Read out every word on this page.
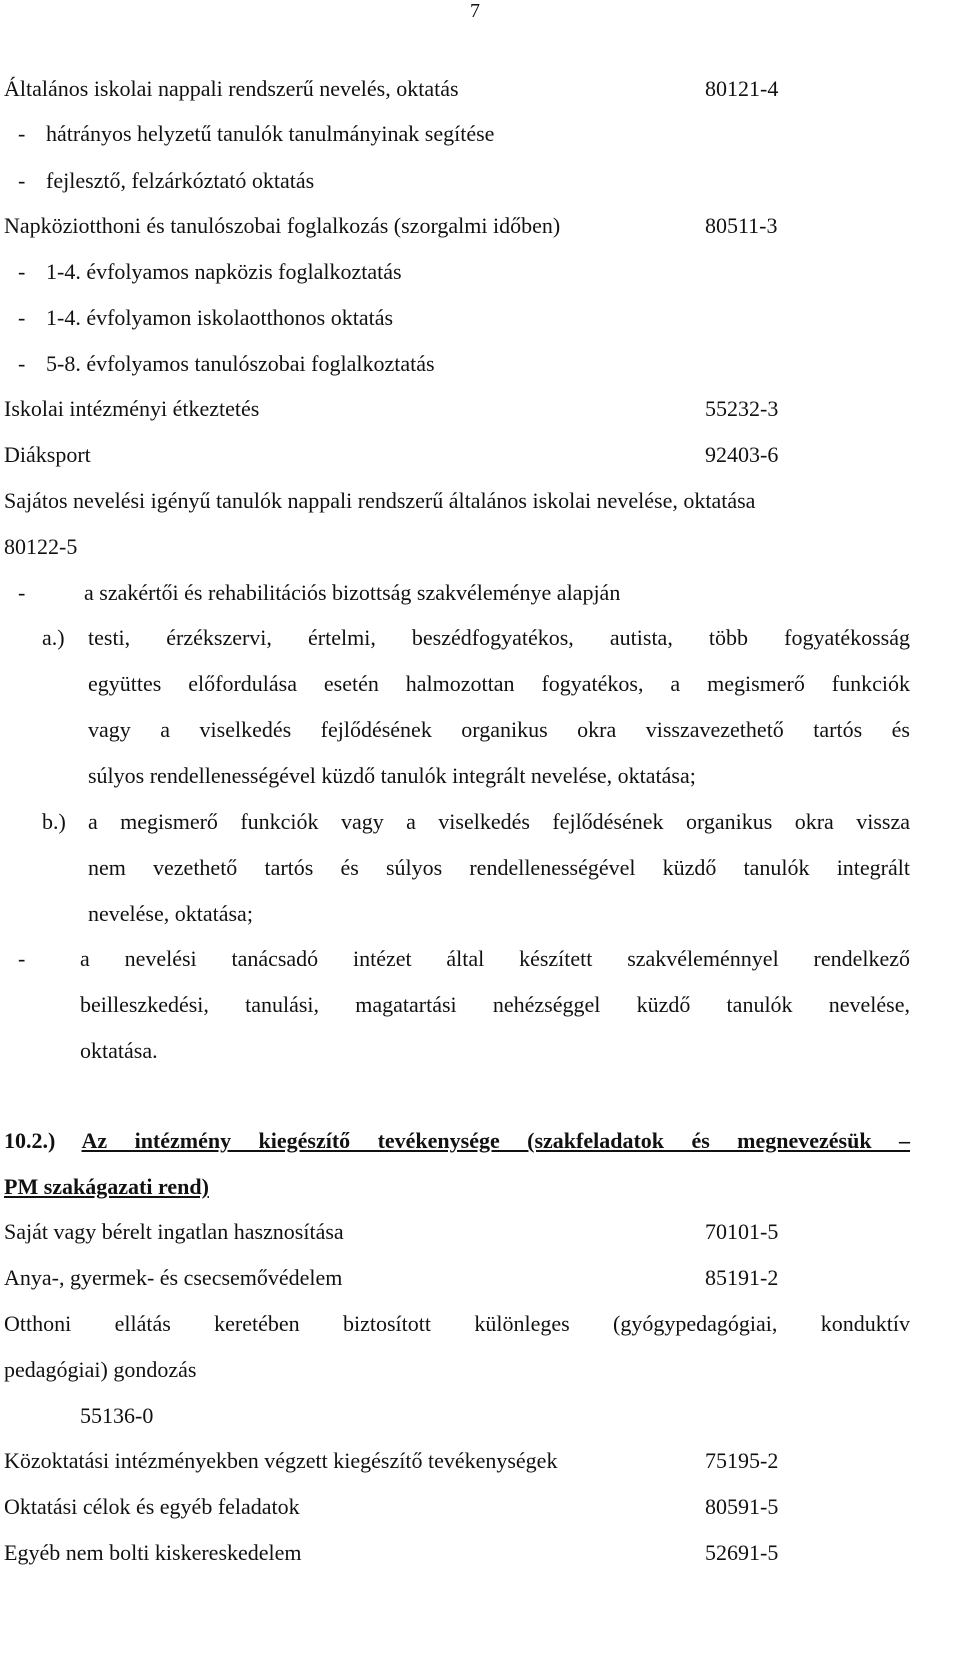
7
Általános iskolai nappali rendszerű nevelés, oktatás	80121-4
- hátrányos helyzetű tanulók tanulmányinak segítése
- fejlesztő, felzárkóztató oktatás
Napköziotthoni és tanulószobai foglalkozás (szorgalmi időben)	80511-3
- 1-4. évfolyamos napközis foglalkoztatás
- 1-4. évfolyamon iskolaotthonos oktatás
- 5-8. évfolyamos tanulószobai foglalkoztatás
Iskolai intézményi étkeztetés	55232-3
Diáksport	92403-6
Sajátos nevelési igényű tanulók nappali rendszerű általános iskolai nevelése, oktatása
80122-5
-	a szakértői és rehabilitációs bizottság szakvéleménye alapján
a.)	testi, érzékszervi, értelmi, beszédfogyatékos, autista, több fogyatékosság
együttes előfordulása esetén halmozottan fogyatékos, a megismerő funkciók
vagy a viselkedés fejlődésének organikus okra visszavezethető tartós és
súlyos rendellenességével küzdő tanulók integrált nevelése, oktatása;
b.)	a megismerő funkciók vagy a viselkedés fejlődésének organikus okra vissza
nem vezethető tartós és súlyos rendellenességével küzdő tanulók integrált
nevelése, oktatása;
-	a nevelési tanácsadó intézet által készített szakvéleménnyel rendelkező
beilleszkedési, tanulási, magatartási nehézséggel küzdő tanulók nevelése,
oktatása.
10.2.) Az intézmény kiegészítő tevékenysége (szakfeladatok és megnevezésük –
PM szakágazati rend)
Saját vagy bérelt ingatlan hasznosítása	70101-5
Anya-, gyermek- és csecsemővédelem	85191-2
Otthoni ellátás keretében biztosított különleges (gyógypedagógiai, konduktív
pedagógiai) gondozás
55136-0
Közoktatási intézményekben végzett kiegészítő tevékenységek	75195-2
Oktatási célok és egyéb feladatok	80591-5
Egyéb nem bolti kiskereskedelem	52691-5
